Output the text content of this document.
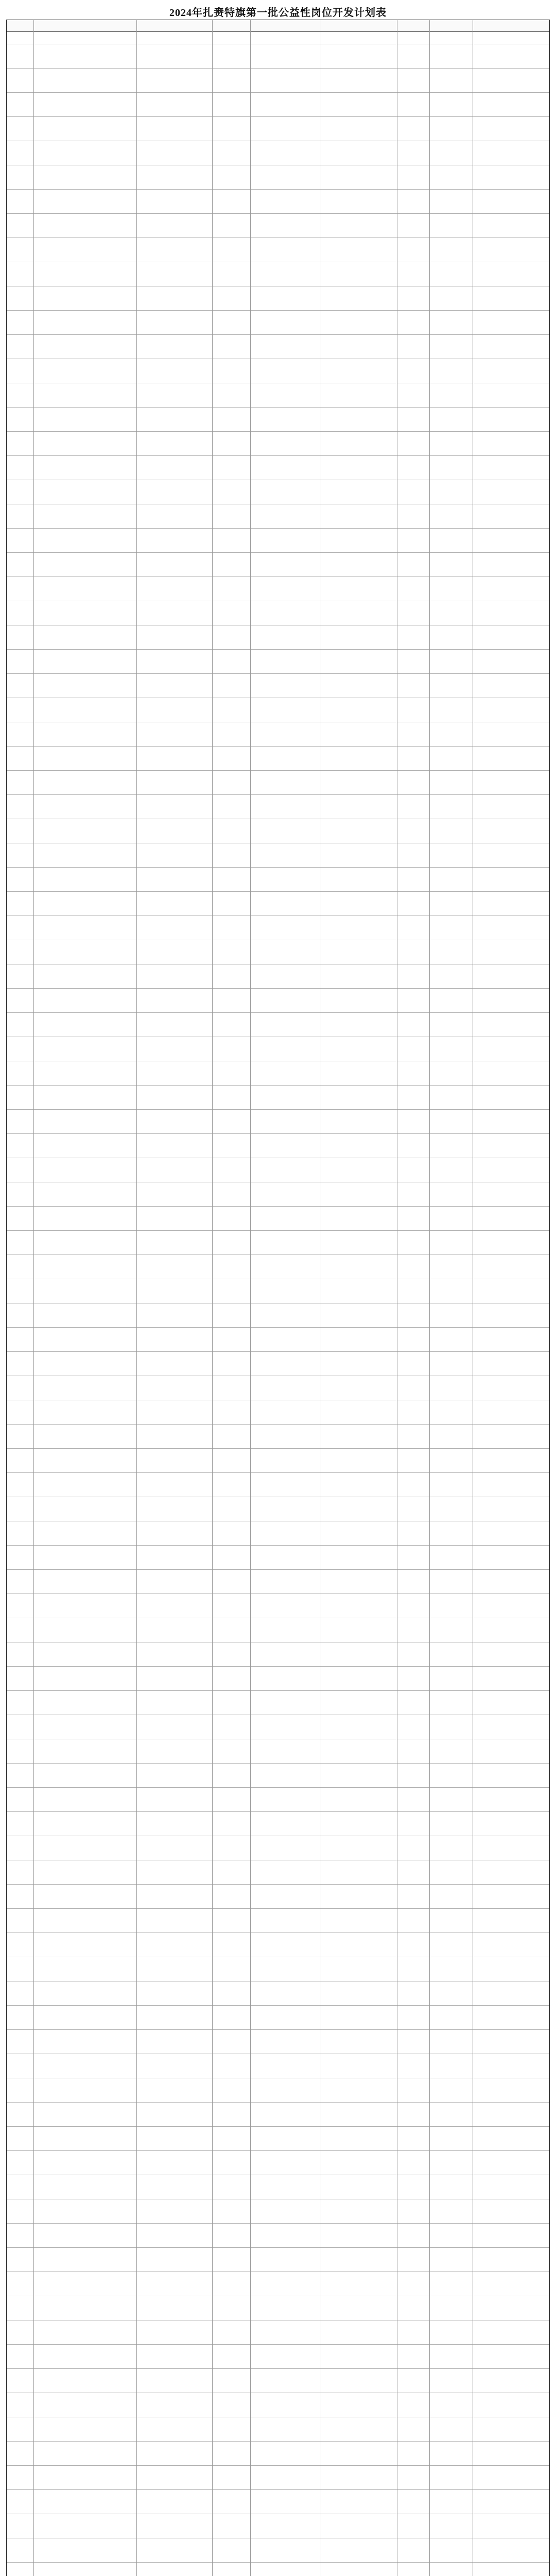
2024年扎赉特旗第一批公益性岗位开发计划表
